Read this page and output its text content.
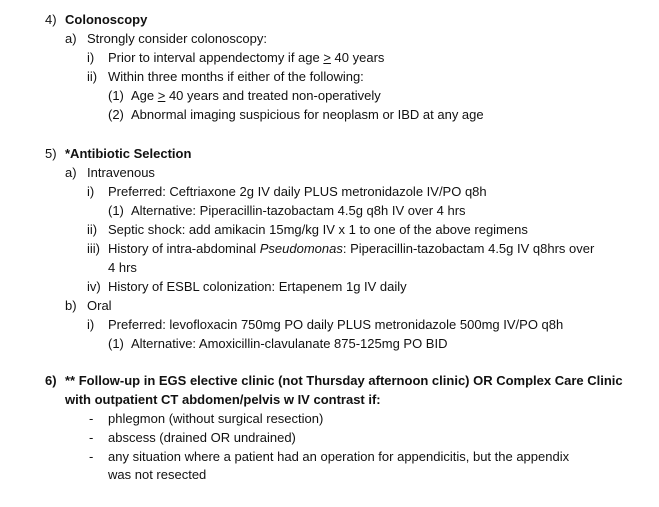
4) Colonoscopy
a) Strongly consider colonoscopy:
i) Prior to interval appendectomy if age ≥ 40 years
ii) Within three months if either of the following:
(1) Age ≥ 40 years and treated non-operatively
(2) Abnormal imaging suspicious for neoplasm or IBD at any age
5) *Antibiotic Selection
a) Intravenous
i) Preferred: Ceftriaxone 2g IV daily PLUS metronidazole IV/PO q8h
(1) Alternative: Piperacillin-tazobactam 4.5g q8h IV over 4 hrs
ii) Septic shock: add amikacin 15mg/kg IV x 1 to one of the above regimens
iii) History of intra-abdominal Pseudomonas: Piperacillin-tazobactam 4.5g IV q8hrs over
4 hrs
iv) History of ESBL colonization: Ertapenem 1g IV daily
b) Oral
i) Preferred: levofloxacin 750mg PO daily PLUS metronidazole 500mg IV/PO q8h
(1) Alternative: Amoxicillin-clavulanate 875-125mg PO BID
6) ** Follow-up in EGS elective clinic (not Thursday afternoon clinic) OR Complex Care Clinic
with outpatient CT abdomen/pelvis w IV contrast if:
- phlegmon (without surgical resection)
- abscess (drained OR undrained)
- any situation where a patient had an operation for appendicitis, but the appendix
was not resected
